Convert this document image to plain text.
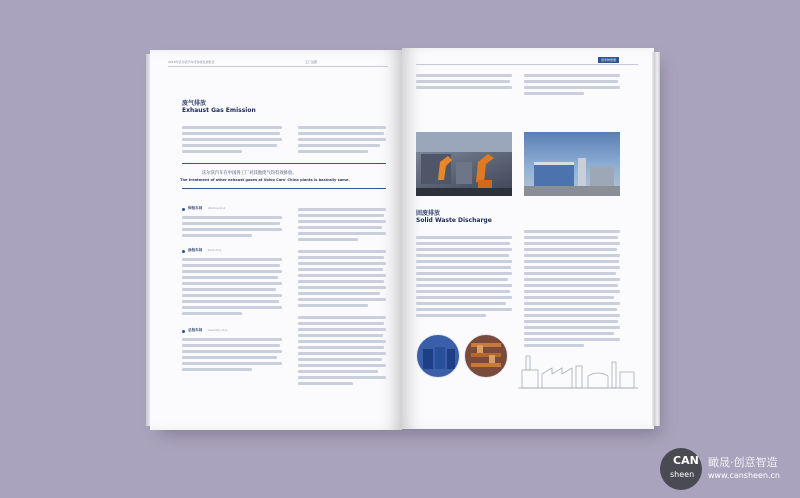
2018年沃尔沃汽车可持续发展报告	工厂运营
废气排放
Exhaust Gas Emission
沃尔沃汽车在中国各工厂对其他废气均有效排放。
The treatment of other exhaust gases at Volvo Cars' China plants is basically same.
焊装车间 Welding shop
涂装车间 Paint shop
总装车间 Assembly shop
废弃物管理
固废排放
Solid Waste Discharge
CAN
sheen
瞰晟·创意智造
www.cansheen.cn
